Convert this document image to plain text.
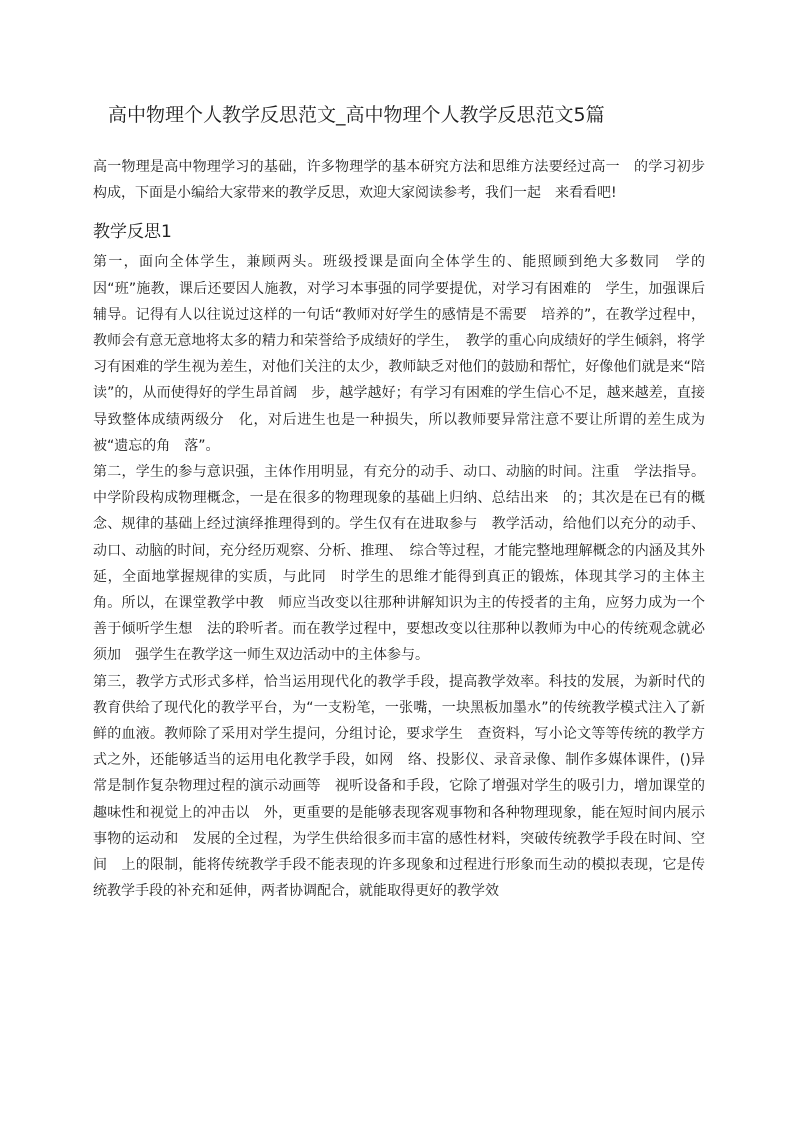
高中物理个人教学反思范文_高中物理个人教学反思范文5篇

高一物理是高中物理学习的基础，许多物理学的基本研究方法和思维方法要经过高一　的学习初步构成，下面是小编给大家带来的教学反思，欢迎大家阅读参考，我们一起　来看看吧!

教学反思1

第一，面向全体学生，兼顾两头。班级授课是面向全体学生的、能照顾到绝大多数同　学的因“班”施教，课后还要因人施教，对学习本事强的同学要提优，对学习有困难的　学生，加强课后辅导。记得有人以往说过这样的一句话“教师对好学生的感情是不需要　培养的”，在教学过程中，教师会有意无意地将太多的精力和荣誉给予成绩好的学生，　教学的重心向成绩好的学生倾斜，将学习有困难的学生视为差生，对他们关注的太少，教师缺乏对他们的鼓励和帮忙，好像他们就是来“陪读”的，从而使得好的学生昂首阔　步，越学越好；有学习有困难的学生信心不足，越来越差，直接导致整体成绩两级分　化，对后进生也是一种损失，所以教师要异常注意不要让所谓的差生成为被“遗忘的角　落”。

第二，学生的参与意识强，主体作用明显，有充分的动手、动口、动脑的时间。注重　学法指导。中学阶段构成物理概念，一是在很多的物理现象的基础上归纳、总结出来　的；其次是在已有的概念、规律的基础上经过演绎推理得到的。学生仅有在进取参与　教学活动，给他们以充分的动手、动口、动脑的时间，充分经历观察、分析、推理、　综合等过程，才能完整地理解概念的内涵及其外延，全面地掌握规律的实质，与此同　时学生的思维才能得到真正的锻炼，体现其学习的主体主角。所以，在课堂教学中教　师应当改变以往那种讲解知识为主的传授者的主角，应努力成为一个善于倾听学生想　法的聆听者。而在教学过程中，要想改变以往那种以教师为中心的传统观念就必须加　强学生在教学这一师生双边活动中的主体参与。

第三，教学方式形式多样，恰当运用现代化的教学手段，提高教学效率。科技的发展，为新时代的教育供给了现代化的教学平台，为“一支粉笔，一张嘴，一块黑板加墨水”的传统教学模式注入了新鲜的血液。教师除了采用对学生提问，分组讨论，要求学生　查资料，写小论文等等传统的教学方式之外，还能够适当的运用电化教学手段，如网　络、投影仪、录音录像、制作多媒体课件，()异常是制作复杂物理过程的演示动画等　视听设备和手段，它除了增强对学生的吸引力，增加课堂的趣味性和视觉上的冲击以　外，更重要的是能够表现客观事物和各种物理现象，能在短时间内展示事物的运动和　发展的全过程，为学生供给很多而丰富的感性材料，突破传统教学手段在时间、空间　上的限制，能将传统教学手段不能表现的许多现象和过程进行形象而生动的模拟表现，它是传统教学手段的补充和延伸，两者协调配合，就能取得更好的教学效
